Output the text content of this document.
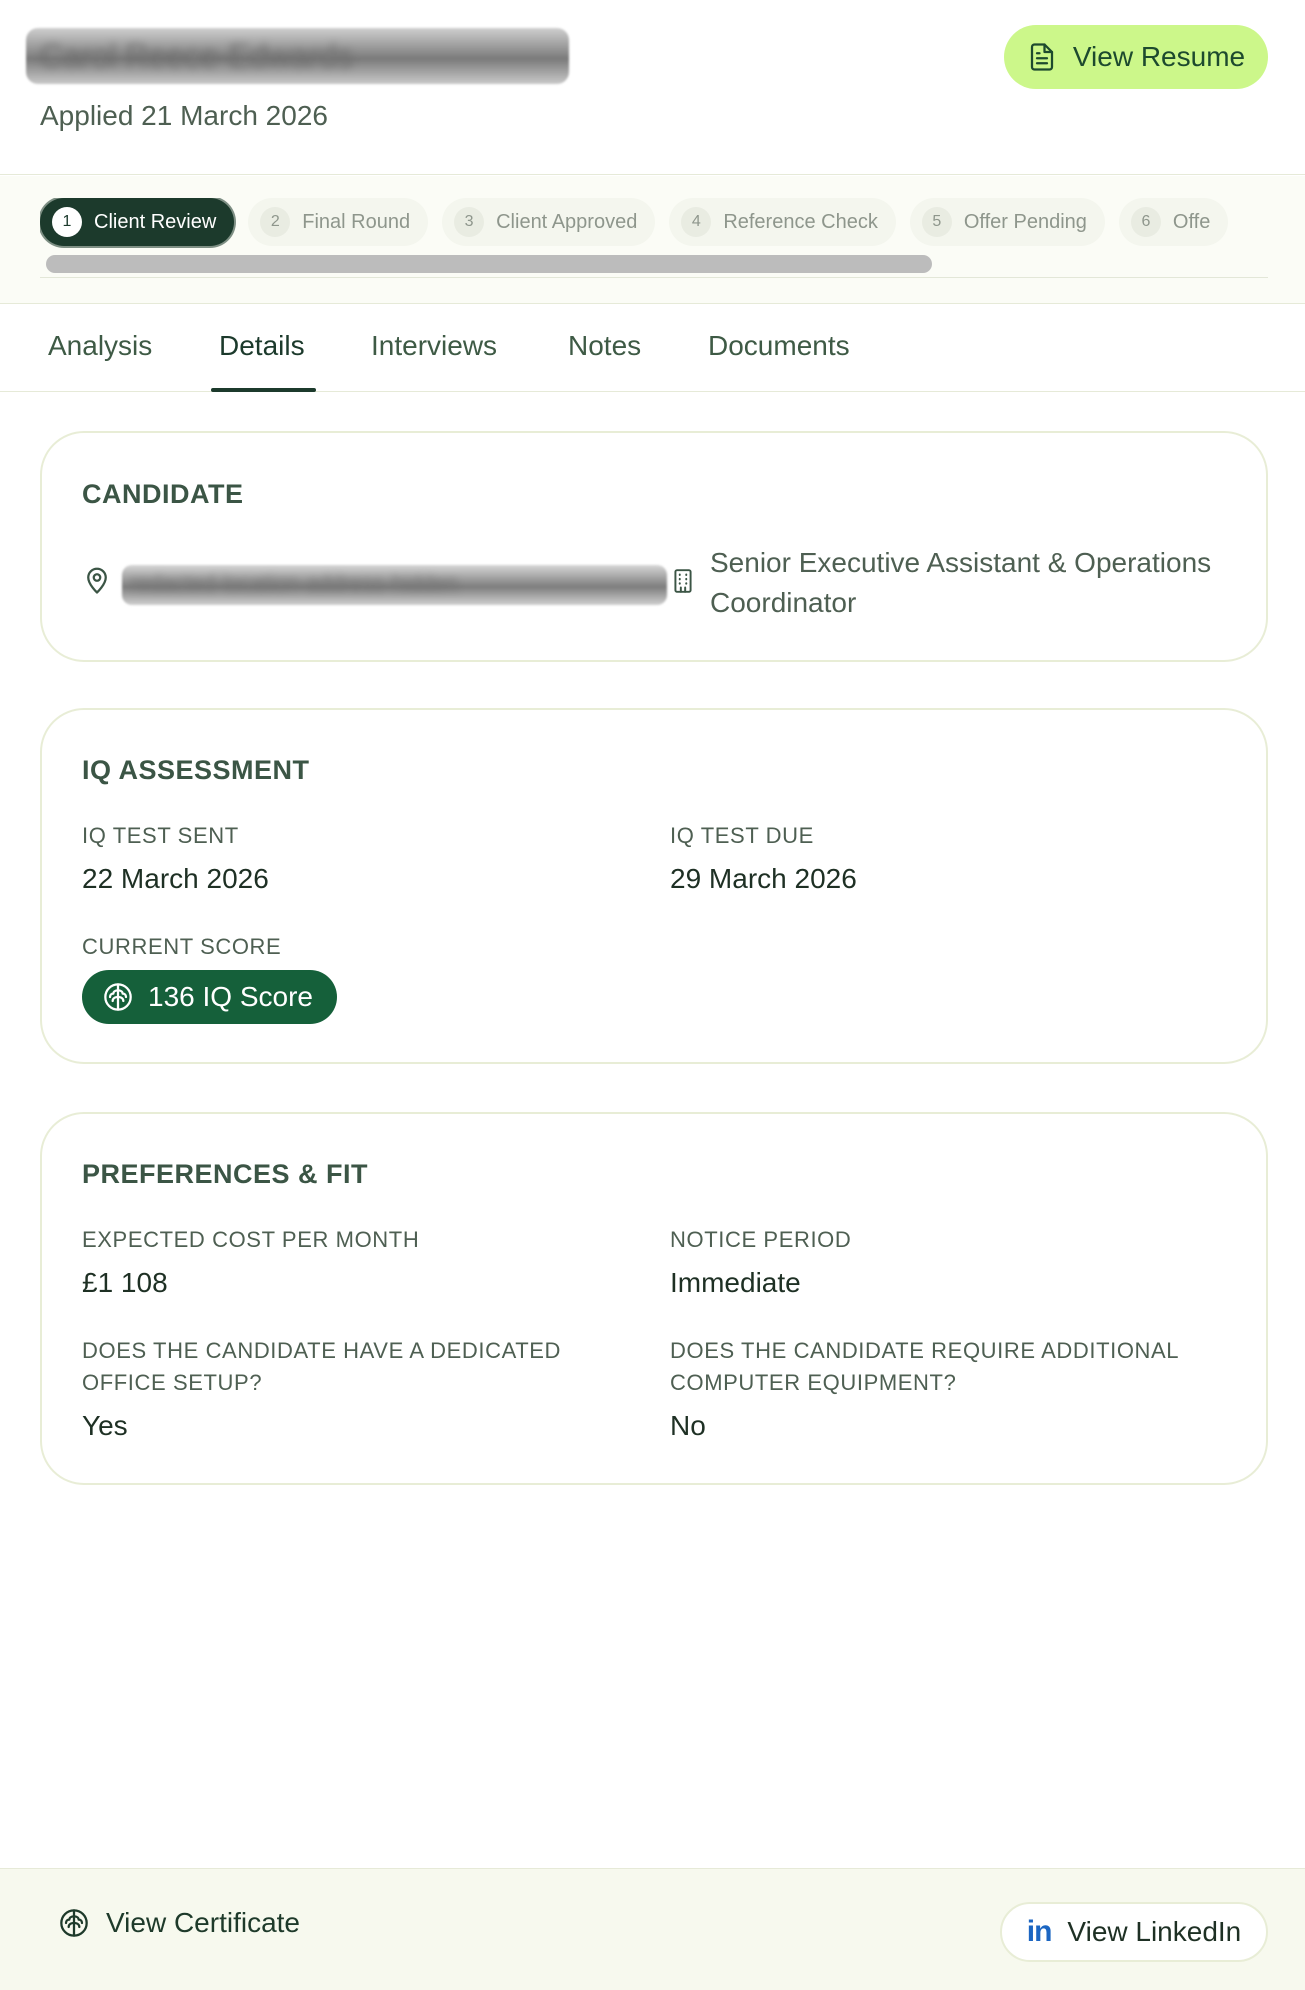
Carol Reece-Edwards
Applied 21 March 2026
View Resume
1	Client Review	2	Final Round	3	Client Approved	4	Reference Check	5	Offer Pending	6	Offe
Analysis Details Interviews	Notes Documents
CANDIDATE
redacted-location-address-hidden
Senior Executive Assistant & Operations Coordinator
IQ ASSESSMENT
IQ TEST SENT
22 March 2026
IQ TEST DUE
29 March 2026
CURRENT SCORE
136 IQ Score
PREFERENCES & FIT
EXPECTED COST PER MONTH
£1 108
NOTICE PERIOD
Immediate
DOES THE CANDIDATE HAVE A DEDICATED OFFICE SETUP?
Yes
DOES THE CANDIDATE REQUIRE ADDITIONAL COMPUTER EQUIPMENT?
No
View Certificate	in View LinkedIn
